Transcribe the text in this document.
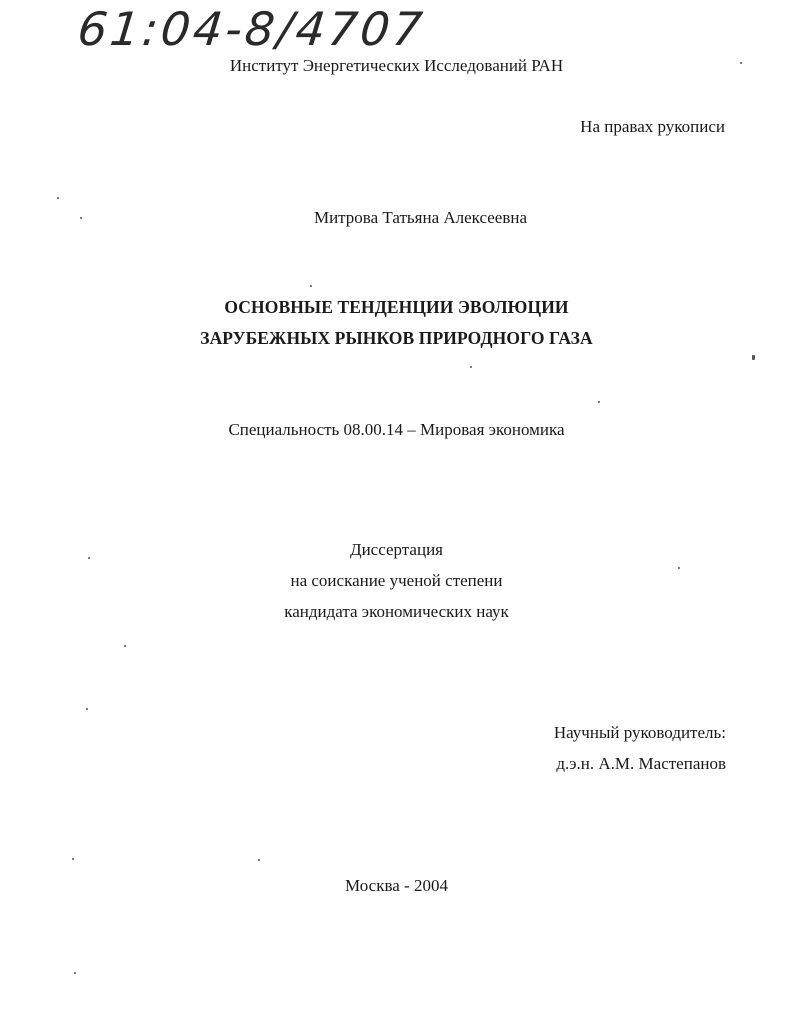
61:04-8/4707
Институт Энергетических Исследований РАН
На правах рукописи
Митрова Татьяна Алексеевна
ОСНОВНЫЕ ТЕНДЕНЦИИ ЭВОЛЮЦИИ
ЗАРУБЕЖНЫХ РЫНКОВ ПРИРОДНОГО ГАЗА
Специальность 08.00.14 – Мировая экономика
Диссертация
на соискание ученой степени
кандидата экономических наук
Научный руководитель:
д.э.н. А.М. Мастепанов
Москва - 2004
